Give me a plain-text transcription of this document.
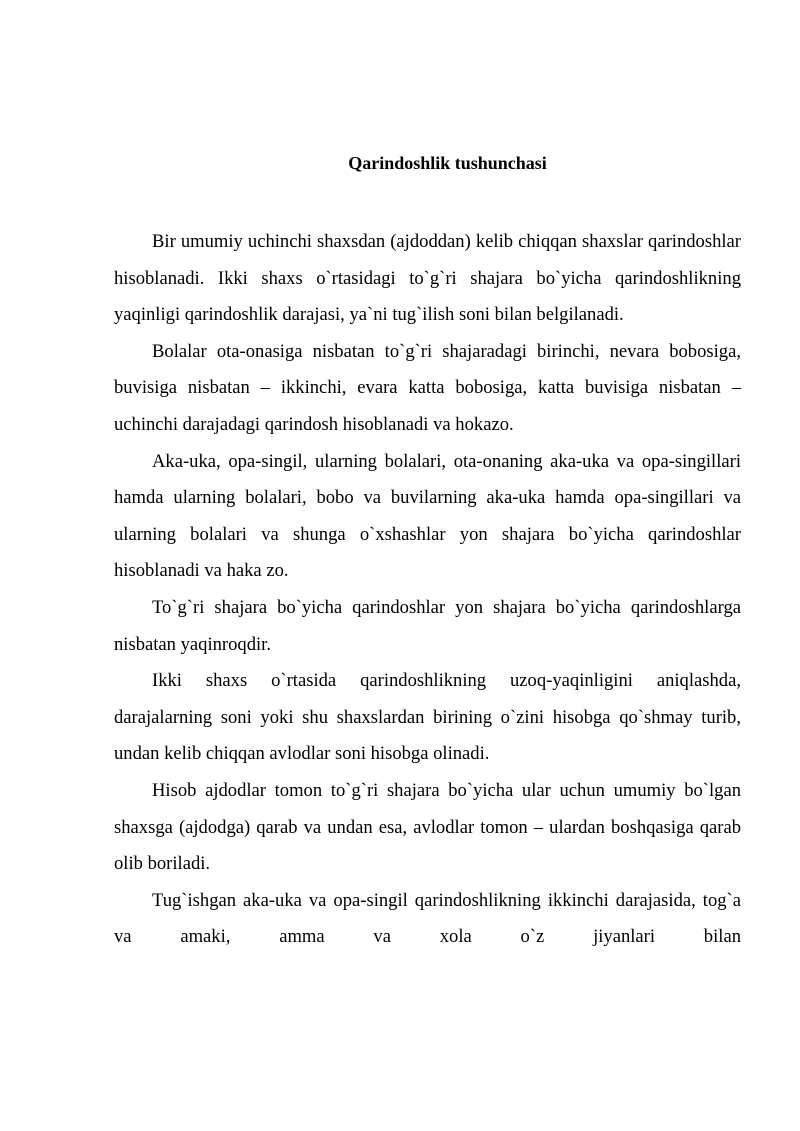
Qarindoshlik tushunchasi

Bir umumiy uchinchi shaxsdan (ajdoddan) kelib chiqqan shaxslar qarindoshlar hisoblanadi. Ikki shaxs o`rtasidagi to`g`ri shajara bo`yicha qarindoshlikning yaqinligi qarindoshlik darajasi, ya`ni tug`ilish soni bilan belgilanadi.

Bolalar ota-onasiga nisbatan to`g`ri shajaradagi birinchi, nevara bobosiga, buvisiga nisbatan – ikkinchi, evara katta bobosiga, katta buvisiga nisbatan – uchinchi darajadagi qarindosh hisoblanadi va hokazo.

Aka-uka, opa-singil, ularning bolalari, ota-onaning aka-uka va opa-singillari hamda ularning bolalari, bobo va buvilarning aka-uka hamda opa-singillari va ularning bolalari va shunga o`xshashlar yon shajara bo`yicha qarindoshlar hisoblanadi va haka zo.

To`g`ri shajara bo`yicha qarindoshlar yon shajara bo`yicha qarindoshlarga nisbatan yaqinroqdir.

Ikki shaxs o`rtasida qarindoshlikning uzoq-yaqinligini aniqlashda, darajalarning soni yoki shu shaxslardan birining o`zini hisobga qo`shmay turib, undan kelib chiqqan avlodlar soni hisobga olinadi.

Hisob ajdodlar tomon to`g`ri shajara bo`yicha ular uchun umumiy bo`lgan shaxsga (ajdodga) qarab va undan esa, avlodlar tomon – ulardan boshqasiga qarab olib boriladi.

Tug`ishgan aka-uka va opa-singil qarindoshlikning ikkinchi darajasida, tog`a va amaki, amma va xola o`z jiyanlari bilan
